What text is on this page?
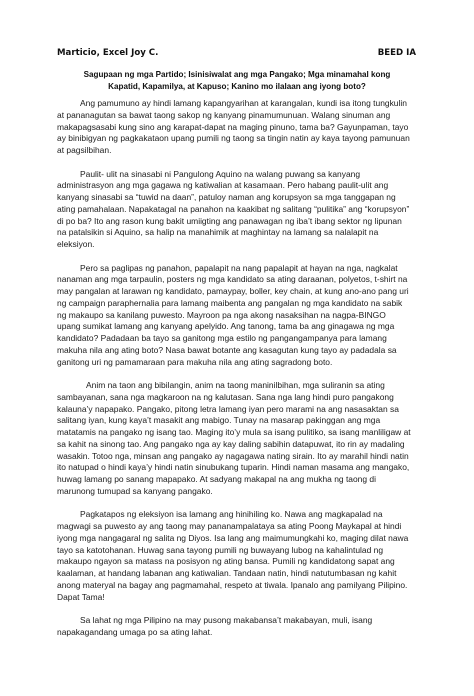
Marticio, Excel Joy C.	BEED IA
Sagupaan ng mga Partido; Isinisiwalat ang mga Pangako; Mga minamahal kong
Kapatid, Kapamilya, at Kapuso; Kanino mo ilalaan ang iyong boto?

Ang pamumuno ay hindi lamang kapangyarihan at karangalan, kundi isa itong tungkulin
at pananagutan sa bawat taong sakop ng kanyang pinamumunuan. Walang sinuman ang
makapagsasabi kung sino ang karapat-dapat na maging pinuno, tama ba? Gayunpaman, tayo
ay binibigyan ng pagkakataon upang pumili ng taong sa tingin natin ay kaya tayong pamunuan
at pagsilbihan.

Paulit- ulit na sinasabi ni Pangulong Aquino na walang puwang sa kanyang
administrasyon ang mga gagawa ng katiwalian at kasamaan. Pero habang paulit-ulit ang
kanyang sinasabi sa “tuwid na daan”, patuloy naman ang korupsyon sa mga tanggapan ng
ating pamahalaan. Napakatagal na panahon na kaakibat ng salitang “pulitika” ang “korupsyon”
di po ba? Ito ang rason kung bakit umiigting ang panawagan ng iba’t ibang sektor ng lipunan
na patalsikin si Aquino, sa halip na manahimik at maghintay na lamang sa nalalapit na
eleksiyon.

Pero sa paglipas ng panahon, papalapit na nang papalapit at hayan na nga, nagkalat
nanaman ang mga tarpaulin, posters ng mga kandidato sa ating daraanan, polyetos, t-shirt na
may pangalan at larawan ng kandidato, pamaypay, boller, key chain, at kung ano-ano pang uri
ng campaign paraphernalia para lamang maibenta ang pangalan ng mga kandidato na sabik
ng makaupo sa kanilang puwesto. Mayroon pa nga akong nasaksihan na nagpa-BINGO
upang sumikat lamang ang kanyang apelyido. Ang tanong, tama ba ang ginagawa ng mga
kandidato? Padadaan ba tayo sa ganitong mga estilo ng pangangampanya para lamang
makuha nila ang ating boto? Nasa bawat botante ang kasagutan kung tayo ay padadala sa
ganitong uri ng pamamaraan para makuha nila ang ating sagradong boto.

Anim na taon ang bibilangin, anim na taong maninilbihan, mga suliranin sa ating
sambayanan, sana nga magkaroon na ng kalutasan. Sana nga lang hindi puro pangakong
kalauna’y napapako. Pangako, pitong letra lamang iyan pero marami na ang nasasaktan sa
salitang iyan, kung kaya’t masakit ang mabigo. Tunay na masarap pakinggan ang mga
matatamis na pangako ng isang tao. Maging ito’y mula sa isang pulitiko, sa isang manliligaw at
sa kahit na sinong tao. Ang pangako nga ay kay daling sabihin datapuwat, ito rin ay madaling
wasakin. Totoo nga, minsan ang pangako ay nagagawa nating sirain. Ito ay marahil hindi natin
ito natupad o hindi kaya’y hindi natin sinubukang tuparin. Hindi naman masama ang mangako,
huwag lamang po sanang mapapako. At sadyang makapal na ang mukha ng taong di
marunong tumupad sa kanyang pangako.

Pagkatapos ng eleksiyon isa lamang ang hinihiling ko. Nawa ang magkapalad na
magwagi sa puwesto ay ang taong may pananampalataya sa ating Poong Maykapal at hindi
iyong mga nangagaral ng salita ng Diyos. Isa lang ang maimumungkahi ko, maging dilat nawa
tayo sa katotohanan. Huwag sana tayong pumili ng buwayang lubog na kahalintulad ng
makaupo ngayon sa matass na posisyon ng ating bansa. Pumili ng kandidatong sapat ang
kaalaman, at handang labanan ang katiwalian. Tandaan natin, hindi natutumbasan ng kahit
anong materyal na bagay ang pagmamahal, respeto at tiwala. Ipanalo ang pamilyang Pilipino.
Dapat Tama!

Sa lahat ng mga Pilipino na may pusong makabansa’t makabayan, muli, isang
napakagandang umaga po sa ating lahat.
